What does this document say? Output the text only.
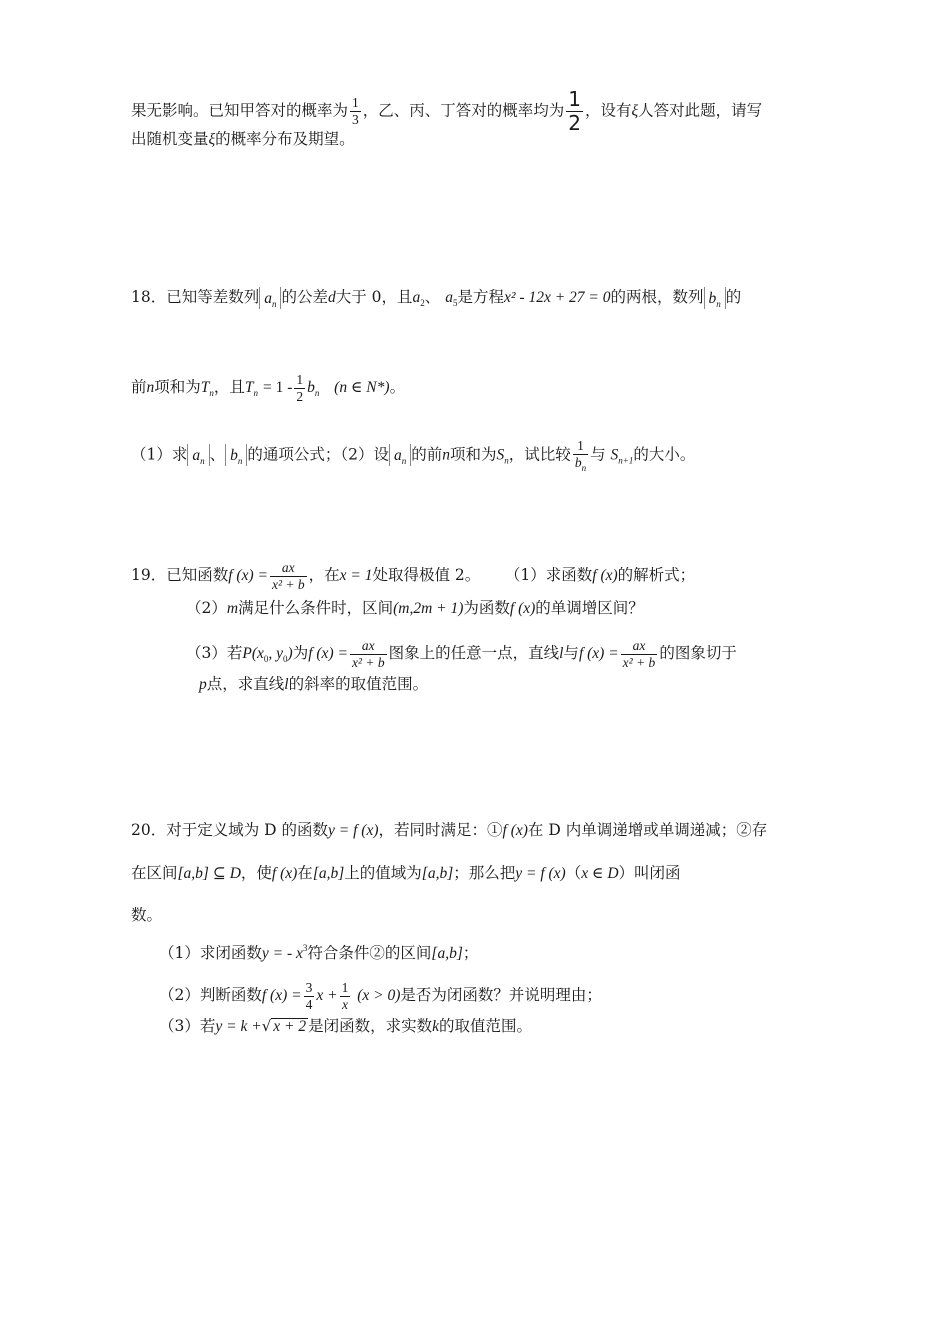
果无影响。已知甲答对的概率为 $\frac{1}{3}$ ，乙、丙、丁答对的概率均为 $\frac{1}{2}$ ，设有ξ人答对此题，请写
出随机变量ξ的概率分布及期望。
18．已知等差数列 $a_n$ 的公差d大于 0，且$a_2$、 $a_5$是方程x² - 12x + 27 = 0的两根，数列 $b_n$ 的
前n项和为$T_n$，且$T_n = 1 - \frac{1}{2} b_n$ (n ∈ N*)。
（1）求 $a_n$ 、 $b_n$ 的通项公式；（2）设 $a_n$ 的前n项和为$S_n$，试比较 $\frac{1}{b_n}$ 与 $S_{n+1}$的大小。
19．已知函数f $(x) = \frac{ax}{\text{x² + b}}$ ，在x = 1处取得极值 2。 （1）求函数f (x)的解析式；
（2）m满足什么条件时，区间(m,2m + 1)为函数f (x)的单调增区间？
（3）若$P(x_0$, $y_0$)为f $(x) = \frac{ax}{\text{x² + b}}$ 图象上的任意一点，直线l与f $(x) = \frac{ax}{\text{x² + b}}$ 的图象切于
p点，求直线l的斜率的取值范围。
20．对于定义域为 D 的函数y = f (x)，若同时满足：①f (x)在 D 内单调递增或单调递减；②存
在区间[a,b] ⊆ D，使f (x)在[a,b]上的值域为[a,b]；那么把y = f (x)（x ∈ D）叫闭函
数。
（1）求闭函数y = - $x^3$符合条件②的区间[a,b]；
（2）判断函数f $(x) = \frac{3}{4}$ $x + \frac{1}{x} (x > 0)$是否为闭函数？并说明理由；
（3）若y = k +√ x + 2 是闭函数，求实数k的取值范围。
